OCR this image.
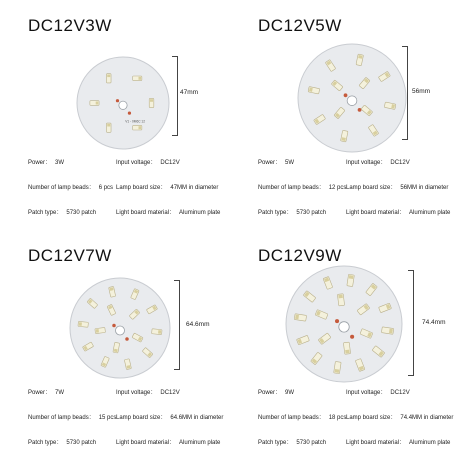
DC12V3W
V1 - 0M6C 12
47mm
Power： 3W	Input voltage： DC12V
Number of lamp beads： 6 pcs Lamp board size： 47MM in diameter
Patch type： 5730 patch	Light board material： Aluminum plate
DC12V5W
56mm
Power： 5W	Input voltage： DC12V
Number of lamp beads： 12 pcs Lamp board size： 56MM in diameter
Patch type： 5730 patch	Light board material： Aluminum plate
DC12V7W
64.6mm
Power： 7W	Input voltage： DC12V
Number of lamp beads： 15 pcs Lamp board size： 64.6MM in diameter
Patch type： 5730 patch	Light board material： Aluminum plate
DC12V9W
74.4mm
Power： 9W	Input voltage： DC12V
Number of lamp beads： 18 pcs Lamp board size： 74.4MM in diameter
Patch type： 5730 patch	Light board material： Aluminum plate
